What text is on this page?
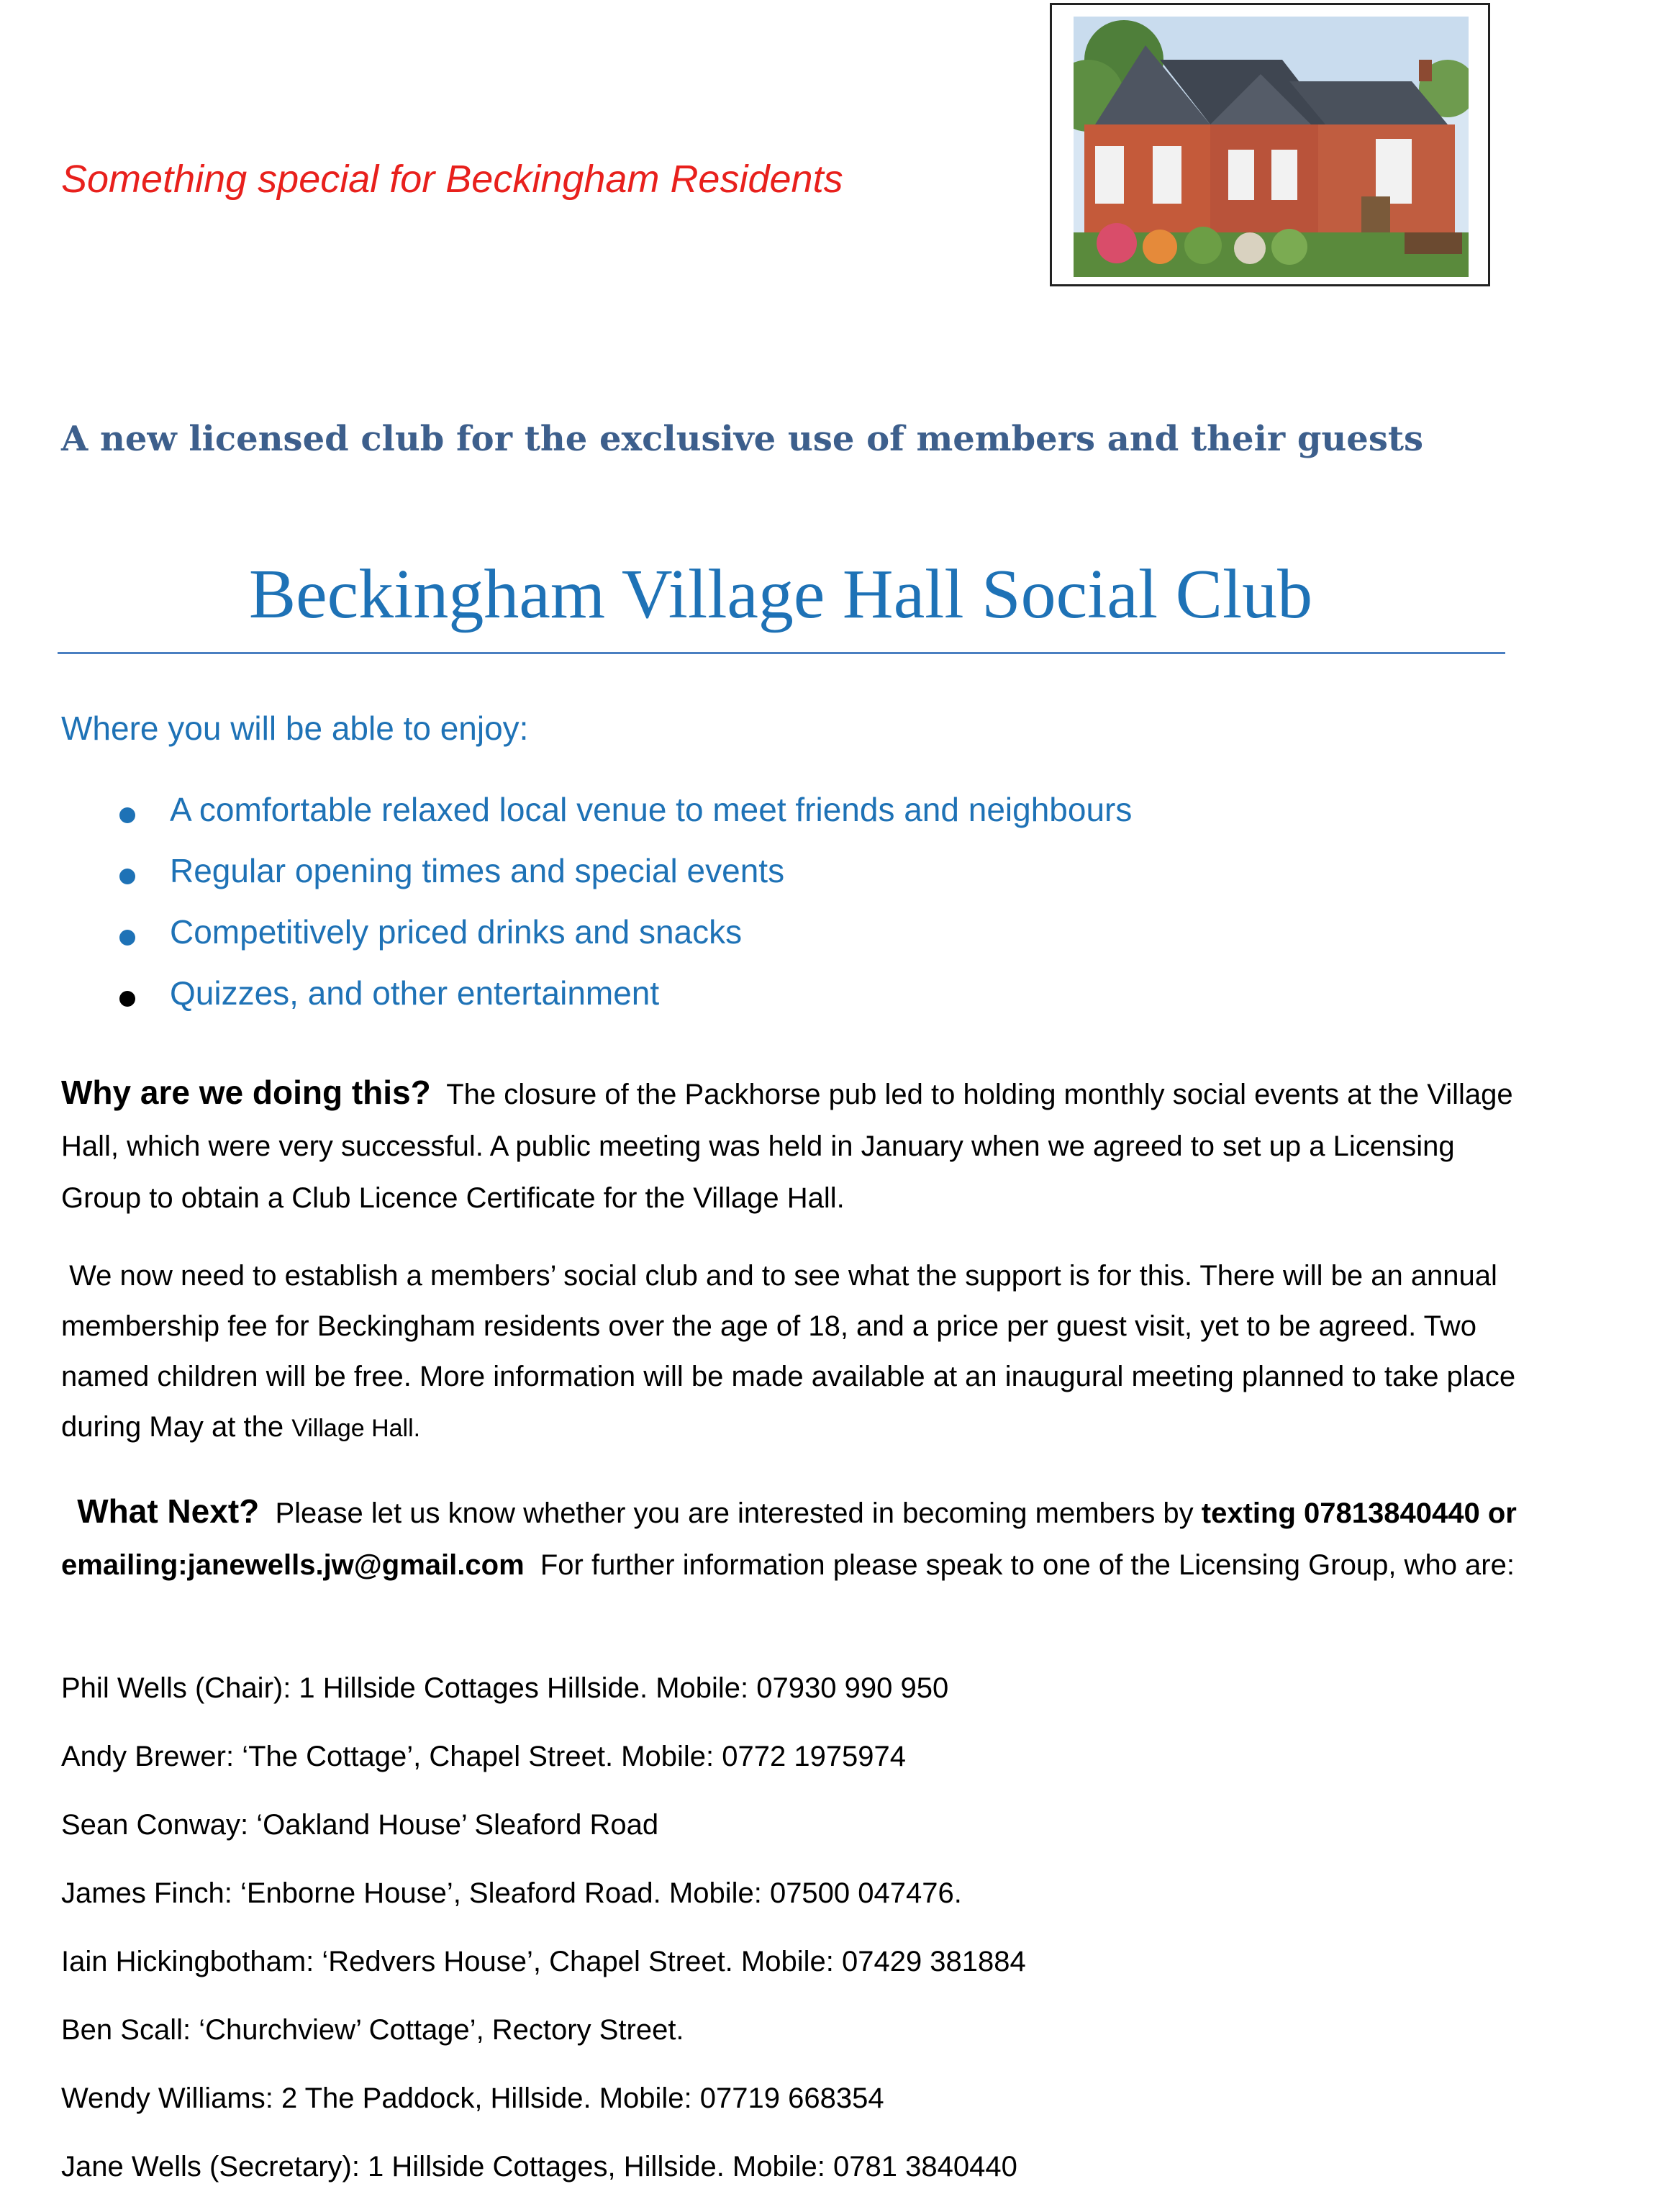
Something special for Beckingham Residents
A new licensed club for the exclusive use of members and their guests
Beckingham Village Hall Social Club
Where you will be able to enjoy:
A comfortable relaxed local venue to meet friends and neighbours
Regular opening times and special events
Competitively priced drinks and snacks
Quizzes, and other entertainment
Why are we doing this? The closure of the Packhorse pub led to holding monthly social events at the Village Hall, which were very successful. A public meeting was held in January when we agreed to set up a Licensing Group to obtain a Club Licence Certificate for the Village Hall.
We now need to establish a members’ social club and to see what the support is for this. There will be an annual membership fee for Beckingham residents over the age of 18, and a price per guest visit, yet to be agreed. Two named children will be free. More information will be made available at an inaugural meeting planned to take place during May at the Village Hall.
What Next? Please let us know whether you are interested in becoming members by texting 07813840440 or emailing:janewells.jw@gmail.com For further information please speak to one of the Licensing Group, who are:
Phil Wells (Chair): 1 Hillside Cottages Hillside. Mobile: 07930 990 950
Andy Brewer: ‘The Cottage’, Chapel Street. Mobile: 0772 1975974
Sean Conway: ‘Oakland House’ Sleaford Road
James Finch: ‘Enborne House’, Sleaford Road. Mobile: 07500 047476.
Iain Hickingbotham: ‘Redvers House’, Chapel Street. Mobile: 07429 381884
Ben Scall: ‘Churchview’ Cottage’, Rectory Street.
Wendy Williams: 2 The Paddock, Hillside. Mobile: 07719 668354
Jane Wells (Secretary): 1 Hillside Cottages, Hillside. Mobile: 0781 3840440
